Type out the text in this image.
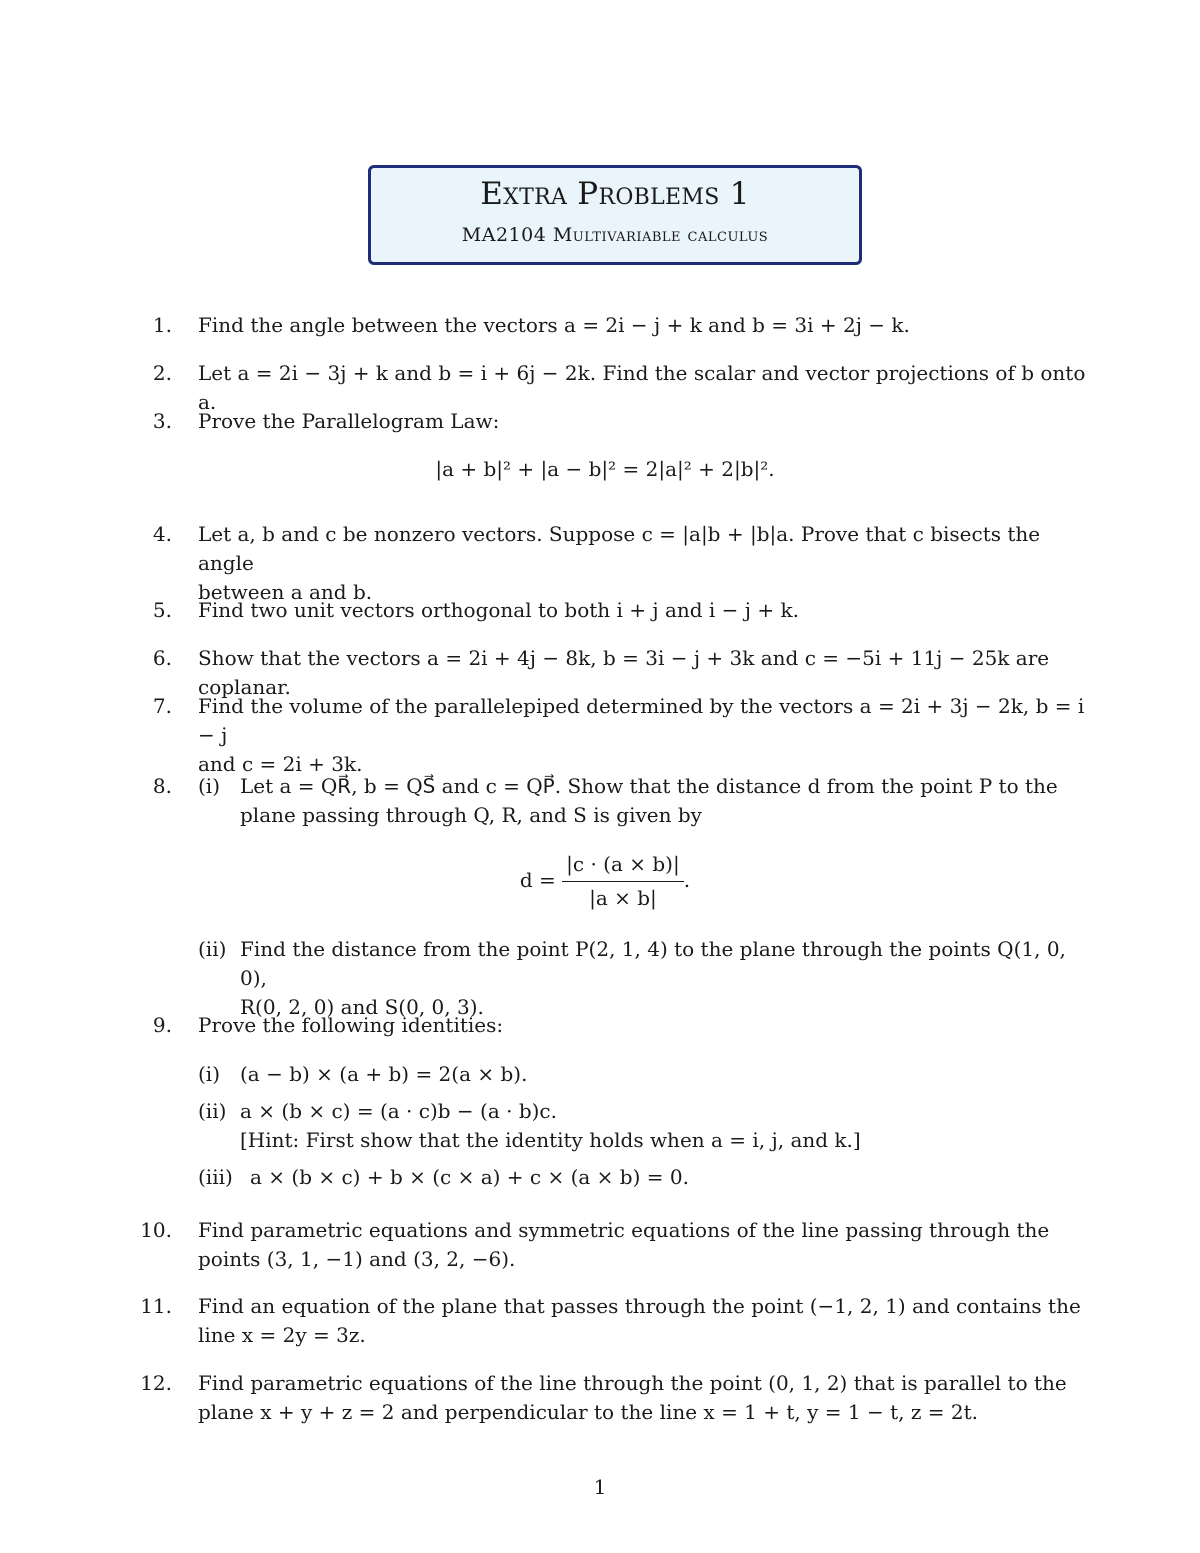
Extra Problems 1
MA2104 Multivariable calculus
1. Find the angle between the vectors a = 2i − j + k and b = 3i + 2j − k.
2. Let a = 2i − 3j + k and b = i + 6j − 2k. Find the scalar and vector projections of b onto a.
3. Prove the Parallelogram Law:
|a + b|² + |a − b|² = 2|a|² + 2|b|².
4. Let a, b and c be nonzero vectors. Suppose c = |a|b + |b|a. Prove that c bisects the angle
between a and b.
5. Find two unit vectors orthogonal to both i + j and i − j + k.
6. Show that the vectors a = 2i + 4j − 8k, b = 3i − j + 3k and c = −5i + 11j − 25k are coplanar.
7. Find the volume of the parallelepiped determined by the vectors a = 2i + 3j − 2k, b = i − j
and c = 2i + 3k.
8. (i) Let a = QR⃗, b = QS⃗ and c = QP⃗. Show that the distance d from the point P to the
plane passing through Q, R, and S is given by
$d = \frac{|c \cdot (a \times b)|}{|a \times b|}$ .
(ii) Find the distance from the point P(2, 1, 4) to the plane through the points Q(1, 0, 0),
R(0, 2, 0) and S(0, 0, 3).
9. Prove the following identities:
(i) (a − b) × (a + b) = 2(a × b).
(ii) a × (b × c) = (a · c)b − (a · b)c.
[Hint: First show that the identity holds when a = i, j, and k.]
(iii) a × (b × c) + b × (c × a) + c × (a × b) = 0.
10. Find parametric equations and symmetric equations of the line passing through the
points (3, 1, −1) and (3, 2, −6).
11. Find an equation of the plane that passes through the point (−1, 2, 1) and contains the
line x = 2y = 3z.
12. Find parametric equations of the line through the point (0, 1, 2) that is parallel to the
plane x + y + z = 2 and perpendicular to the line x = 1 + t, y = 1 − t, z = 2t.
1
